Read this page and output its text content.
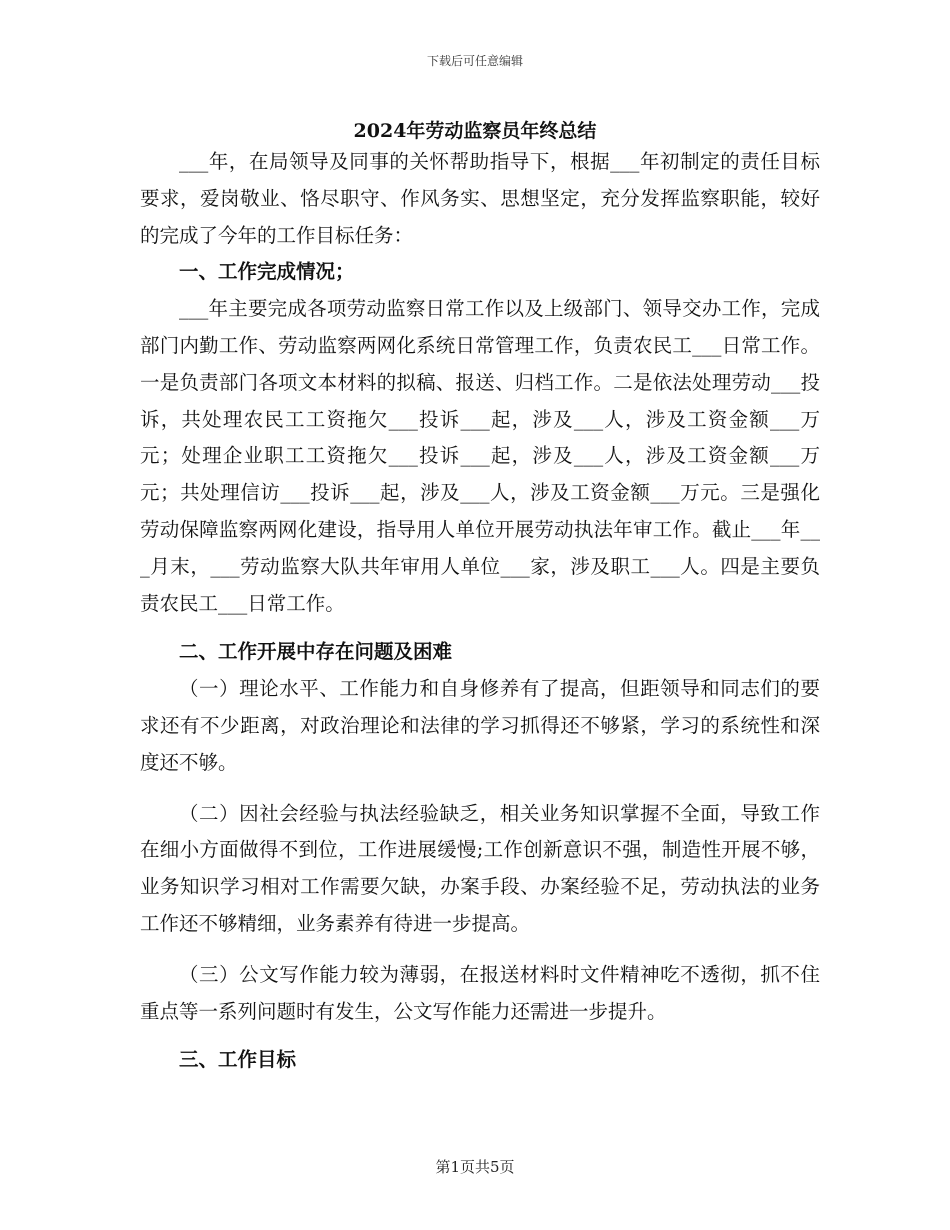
下载后可任意编辑
2024年劳动监察员年终总结

___年，在局领导及同事的关怀帮助指导下，根据___年初制定的责任目标要求，爱岗敬业、恪尽职守、作风务实、思想坚定，充分发挥监察职能，较好的完成了今年的工作目标任务：

一、工作完成情况；

___年主要完成各项劳动监察日常工作以及上级部门、领导交办工作，完成部门内勤工作、劳动监察两网化系统日常管理工作，负责农民工___日常工作。一是负责部门各项文本材料的拟稿、报送、归档工作。二是依法处理劳动___投诉，共处理农民工工资拖欠___投诉___起，涉及___人，涉及工资金额___万元；处理企业职工工资拖欠___投诉___起，涉及___人，涉及工资金额___万元；共处理信访___投诉___起，涉及___人，涉及工资金额___万元。三是强化劳动保障监察两网化建设，指导用人单位开展劳动执法年审工作。截止___年___月末，___劳动监察大队共年审用人单位___家，涉及职工___人。四是主要负责农民工___日常工作。

二、工作开展中存在问题及困难

（一）理论水平、工作能力和自身修养有了提高，但距领导和同志们的要求还有不少距离，对政治理论和法律的学习抓得还不够紧，学习的系统性和深度还不够。

（二）因社会经验与执法经验缺乏，相关业务知识掌握不全面，导致工作在细小方面做得不到位，工作进展缓慢;工作创新意识不强，制造性开展不够，业务知识学习相对工作需要欠缺，办案手段、办案经验不足，劳动执法的业务工作还不够精细，业务素养有待进一步提高。

（三）公文写作能力较为薄弱，在报送材料时文件精神吃不透彻，抓不住重点等一系列问题时有发生，公文写作能力还需进一步提升。

三、工作目标

第1页共5页
